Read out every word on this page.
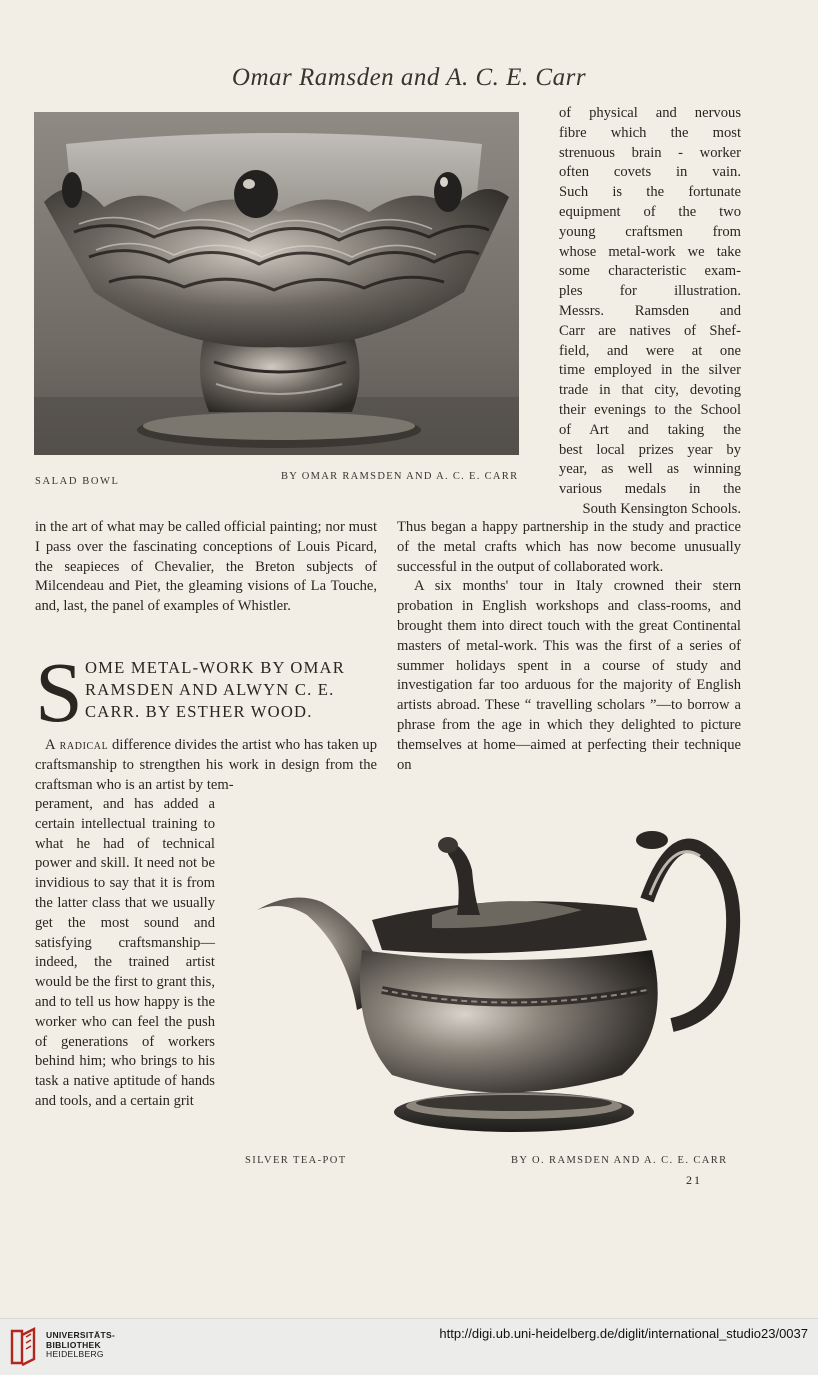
Omar Ramsden and A. C. E. Carr
SALAD BOWL	BY OMAR RAMSDEN AND A. C. E. CARR

of physical and nervous
fibre which the most
strenuous brain - worker
often covets in vain.
Such is the fortunate
equipment of the two
young craftsmen from
whose metal-work we take
some characteristic exam-
ples for illustration.
Messrs. Ramsden and
Carr are natives of Shef-
field, and were at one
time employed in the silver
trade in that city, devoting
their evenings to the School
of Art and taking the
best local prizes year by
year, as well as winning
various medals in the
South Kensington Schools.

in the art of what may be called official painting; nor must I pass over the fascinating conceptions of Louis Picard, the seapieces of Chevalier, the Breton subjects of Milcendeau and Piet, the gleaming visions of La Touche, and, last, the panel of examples of Whistler.

S OME METAL-WORK BY OMAR RAMSDEN AND ALWYN C. E. CARR. BY ESTHER WOOD.
A radical difference divides the artist who has taken up craftsmanship to strengthen his work in design from the craftsman who is an artist by tem-
perament, and has added a certain intellectual training to what he had of technical power and skill. It need not be invidious to say that it is from the latter class that we usually get the most sound and satisfying craftsmanship—indeed, the trained artist would be the first to grant this, and to tell us how happy is the worker who can feel the push of generations of workers behind him; who brings to his task a native aptitude of hands and tools, and a certain grit

Thus began a happy partnership in the study and practice of the metal crafts which has now become unusually successful in the output of collaborated work.

A six months' tour in Italy crowned their stern probation in English workshops and class-rooms, and brought them into direct touch with the great Continental masters of metal-work. This was the first of a series of summer holidays spent in a course of study and investigation far too arduous for the majority of English artists abroad. These “ travelling scholars ”—to borrow a phrase from the age in which they delighted to picture themselves at home—aimed at perfecting their technique on

SILVER TEA-POT	BY O. RAMSDEN AND A. C. E. CARR
21
UNIVERSITÄTS-
BIBLIOTHEK
HEIDELBERG
http://digi.ub.uni-heidelberg.de/diglit/international_studio23/0037
